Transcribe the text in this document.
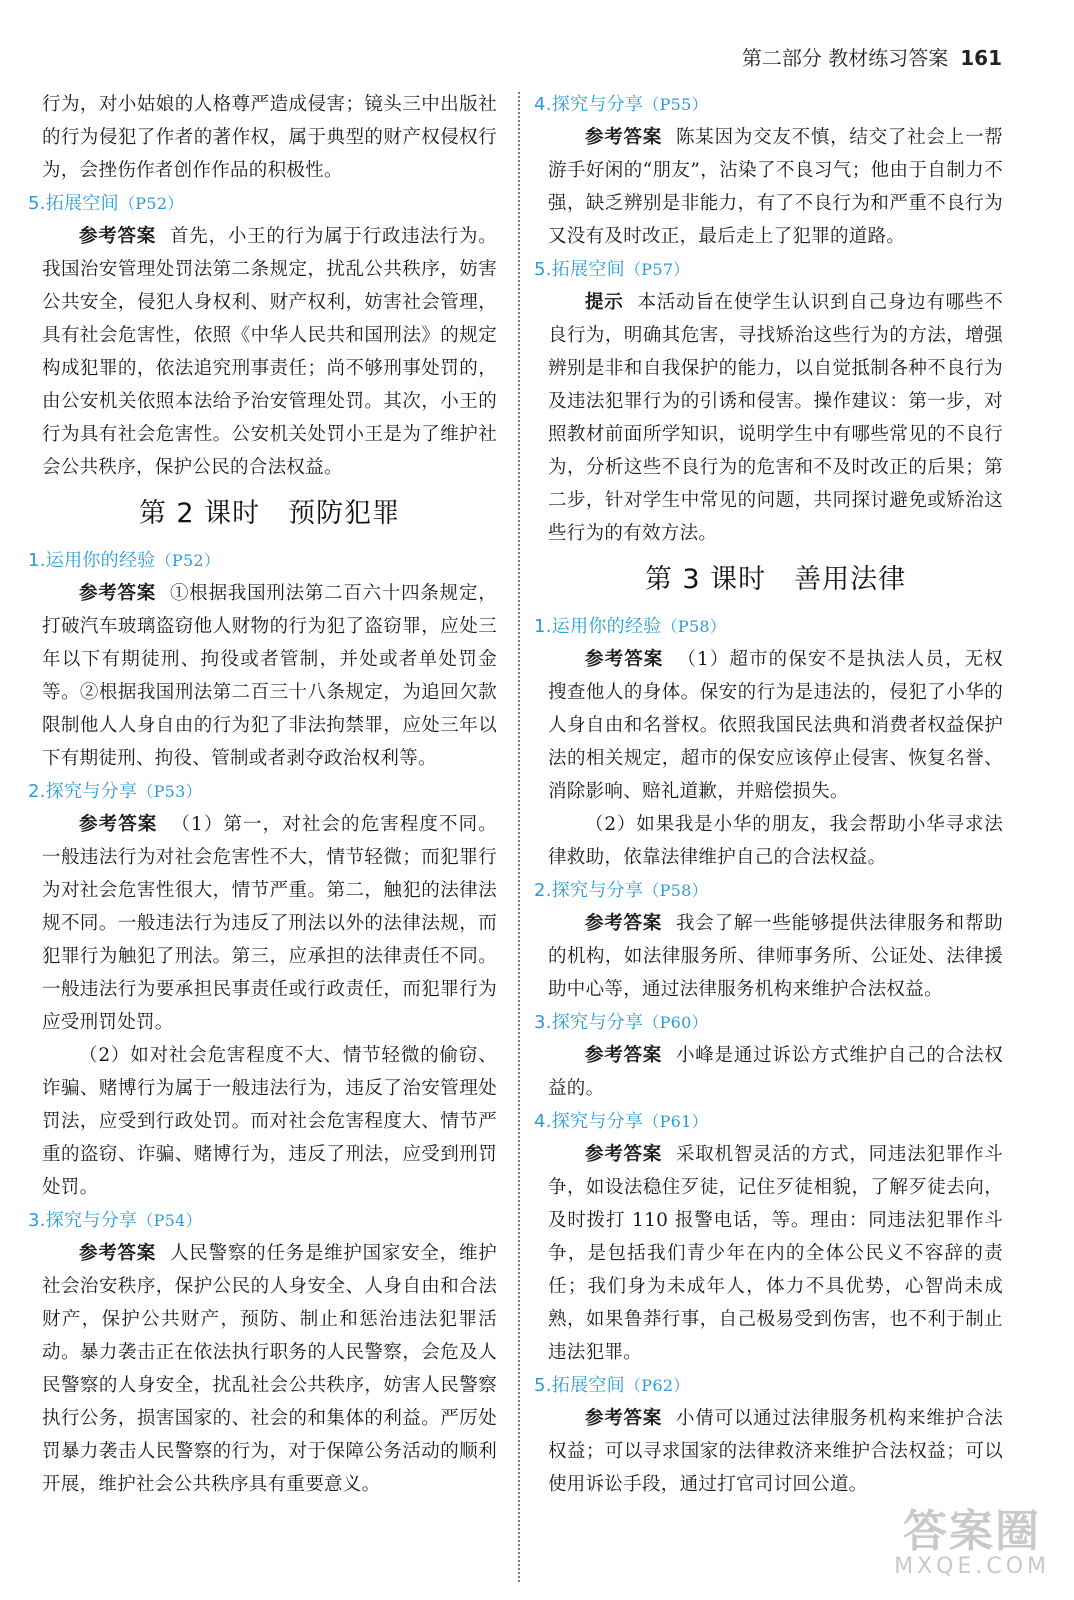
第二部分 教材练习答案 161

行为，对小姑娘的人格尊严造成侵害；镜头三中出版社的行为侵犯了作者的著作权，属于典型的财产权侵权行为，会挫伤作者创作作品的积极性。

5.拓展空间（P52）

参考答案 首先，小王的行为属于行政违法行为。我国治安管理处罚法第二条规定，扰乱公共秩序，妨害公共安全，侵犯人身权利、财产权利，妨害社会管理，具有社会危害性，依照《中华人民共和国刑法》的规定构成犯罪的，依法追究刑事责任；尚不够刑事处罚的，由公安机关依照本法给予治安管理处罚。其次，小王的行为具有社会危害性。公安机关处罚小王是为了维护社会公共秩序，保护公民的合法权益。

第 2 课时 预防犯罪
1.运用你的经验（P52）

参考答案 ①根据我国刑法第二百六十四条规定，打破汽车玻璃盗窃他人财物的行为犯了盗窃罪，应处三年以下有期徒刑、拘役或者管制，并处或者单处罚金等。②根据我国刑法第二百三十八条规定，为追回欠款限制他人人身自由的行为犯了非法拘禁罪，应处三年以下有期徒刑、拘役、管制或者剥夺政治权利等。

2.探究与分享（P53）

参考答案 （1）第一，对社会的危害程度不同。一般违法行为对社会危害性不大，情节轻微；而犯罪行为对社会危害性很大，情节严重。第二，触犯的法律法规不同。一般违法行为违反了刑法以外的法律法规，而犯罪行为触犯了刑法。第三，应承担的法律责任不同。一般违法行为要承担民事责任或行政责任，而犯罪行为应受刑罚处罚。

（2）如对社会危害程度不大、情节轻微的偷窃、诈骗、赌博行为属于一般违法行为，违反了治安管理处罚法，应受到行政处罚。而对社会危害程度大、情节严重的盗窃、诈骗、赌博行为，违反了刑法，应受到刑罚处罚。

3.探究与分享（P54）

参考答案 人民警察的任务是维护国家安全，维护社会治安秩序，保护公民的人身安全、人身自由和合法财产，保护公共财产，预防、制止和惩治违法犯罪活动。暴力袭击正在依法执行职务的人民警察，会危及人民警察的人身安全，扰乱社会公共秩序，妨害人民警察执行公务，损害国家的、社会的和集体的利益。严厉处罚暴力袭击人民警察的行为，对于保障公务活动的顺利开展，维护社会公共秩序具有重要意义。

4.探究与分享（P55）

参考答案 陈某因为交友不慎，结交了社会上一帮游手好闲的“朋友”，沾染了不良习气；他由于自制力不强，缺乏辨别是非能力，有了不良行为和严重不良行为又没有及时改正，最后走上了犯罪的道路。

5.拓展空间（P57）

提示 本活动旨在使学生认识到自己身边有哪些不良行为，明确其危害，寻找矫治这些行为的方法，增强辨别是非和自我保护的能力，以自觉抵制各种不良行为及违法犯罪行为的引诱和侵害。操作建议：第一步，对照教材前面所学知识，说明学生中有哪些常见的不良行为，分析这些不良行为的危害和不及时改正的后果；第二步，针对学生中常见的问题，共同探讨避免或矫治这些行为的有效方法。

第 3 课时 善用法律
1.运用你的经验（P58）

参考答案 （1）超市的保安不是执法人员，无权搜查他人的身体。保安的行为是违法的，侵犯了小华的人身自由和名誉权。依照我国民法典和消费者权益保护法的相关规定，超市的保安应该停止侵害、恢复名誉、消除影响、赔礼道歉，并赔偿损失。

（2）如果我是小华的朋友，我会帮助小华寻求法律救助，依靠法律维护自己的合法权益。

2.探究与分享（P58）

参考答案 我会了解一些能够提供法律服务和帮助的机构，如法律服务所、律师事务所、公证处、法律援助中心等，通过法律服务机构来维护合法权益。

3.探究与分享（P60）

参考答案 小峰是通过诉讼方式维护自己的合法权益的。

4.探究与分享（P61）

参考答案 采取机智灵活的方式，同违法犯罪作斗争，如设法稳住歹徒，记住歹徒相貌，了解歹徒去向，及时拨打 110 报警电话，等。理由：同违法犯罪作斗争，是包括我们青少年在内的全体公民义不容辞的责任；我们身为未成年人，体力不具优势，心智尚未成熟，如果鲁莽行事，自己极易受到伤害，也不利于制止违法犯罪。

5.拓展空间（P62）

参考答案 小倩可以通过法律服务机构来维护合法权益；可以寻求国家的法律救济来维护合法权益；可以使用诉讼手段，通过打官司讨回公道。

答案圈
MXQE.COM
